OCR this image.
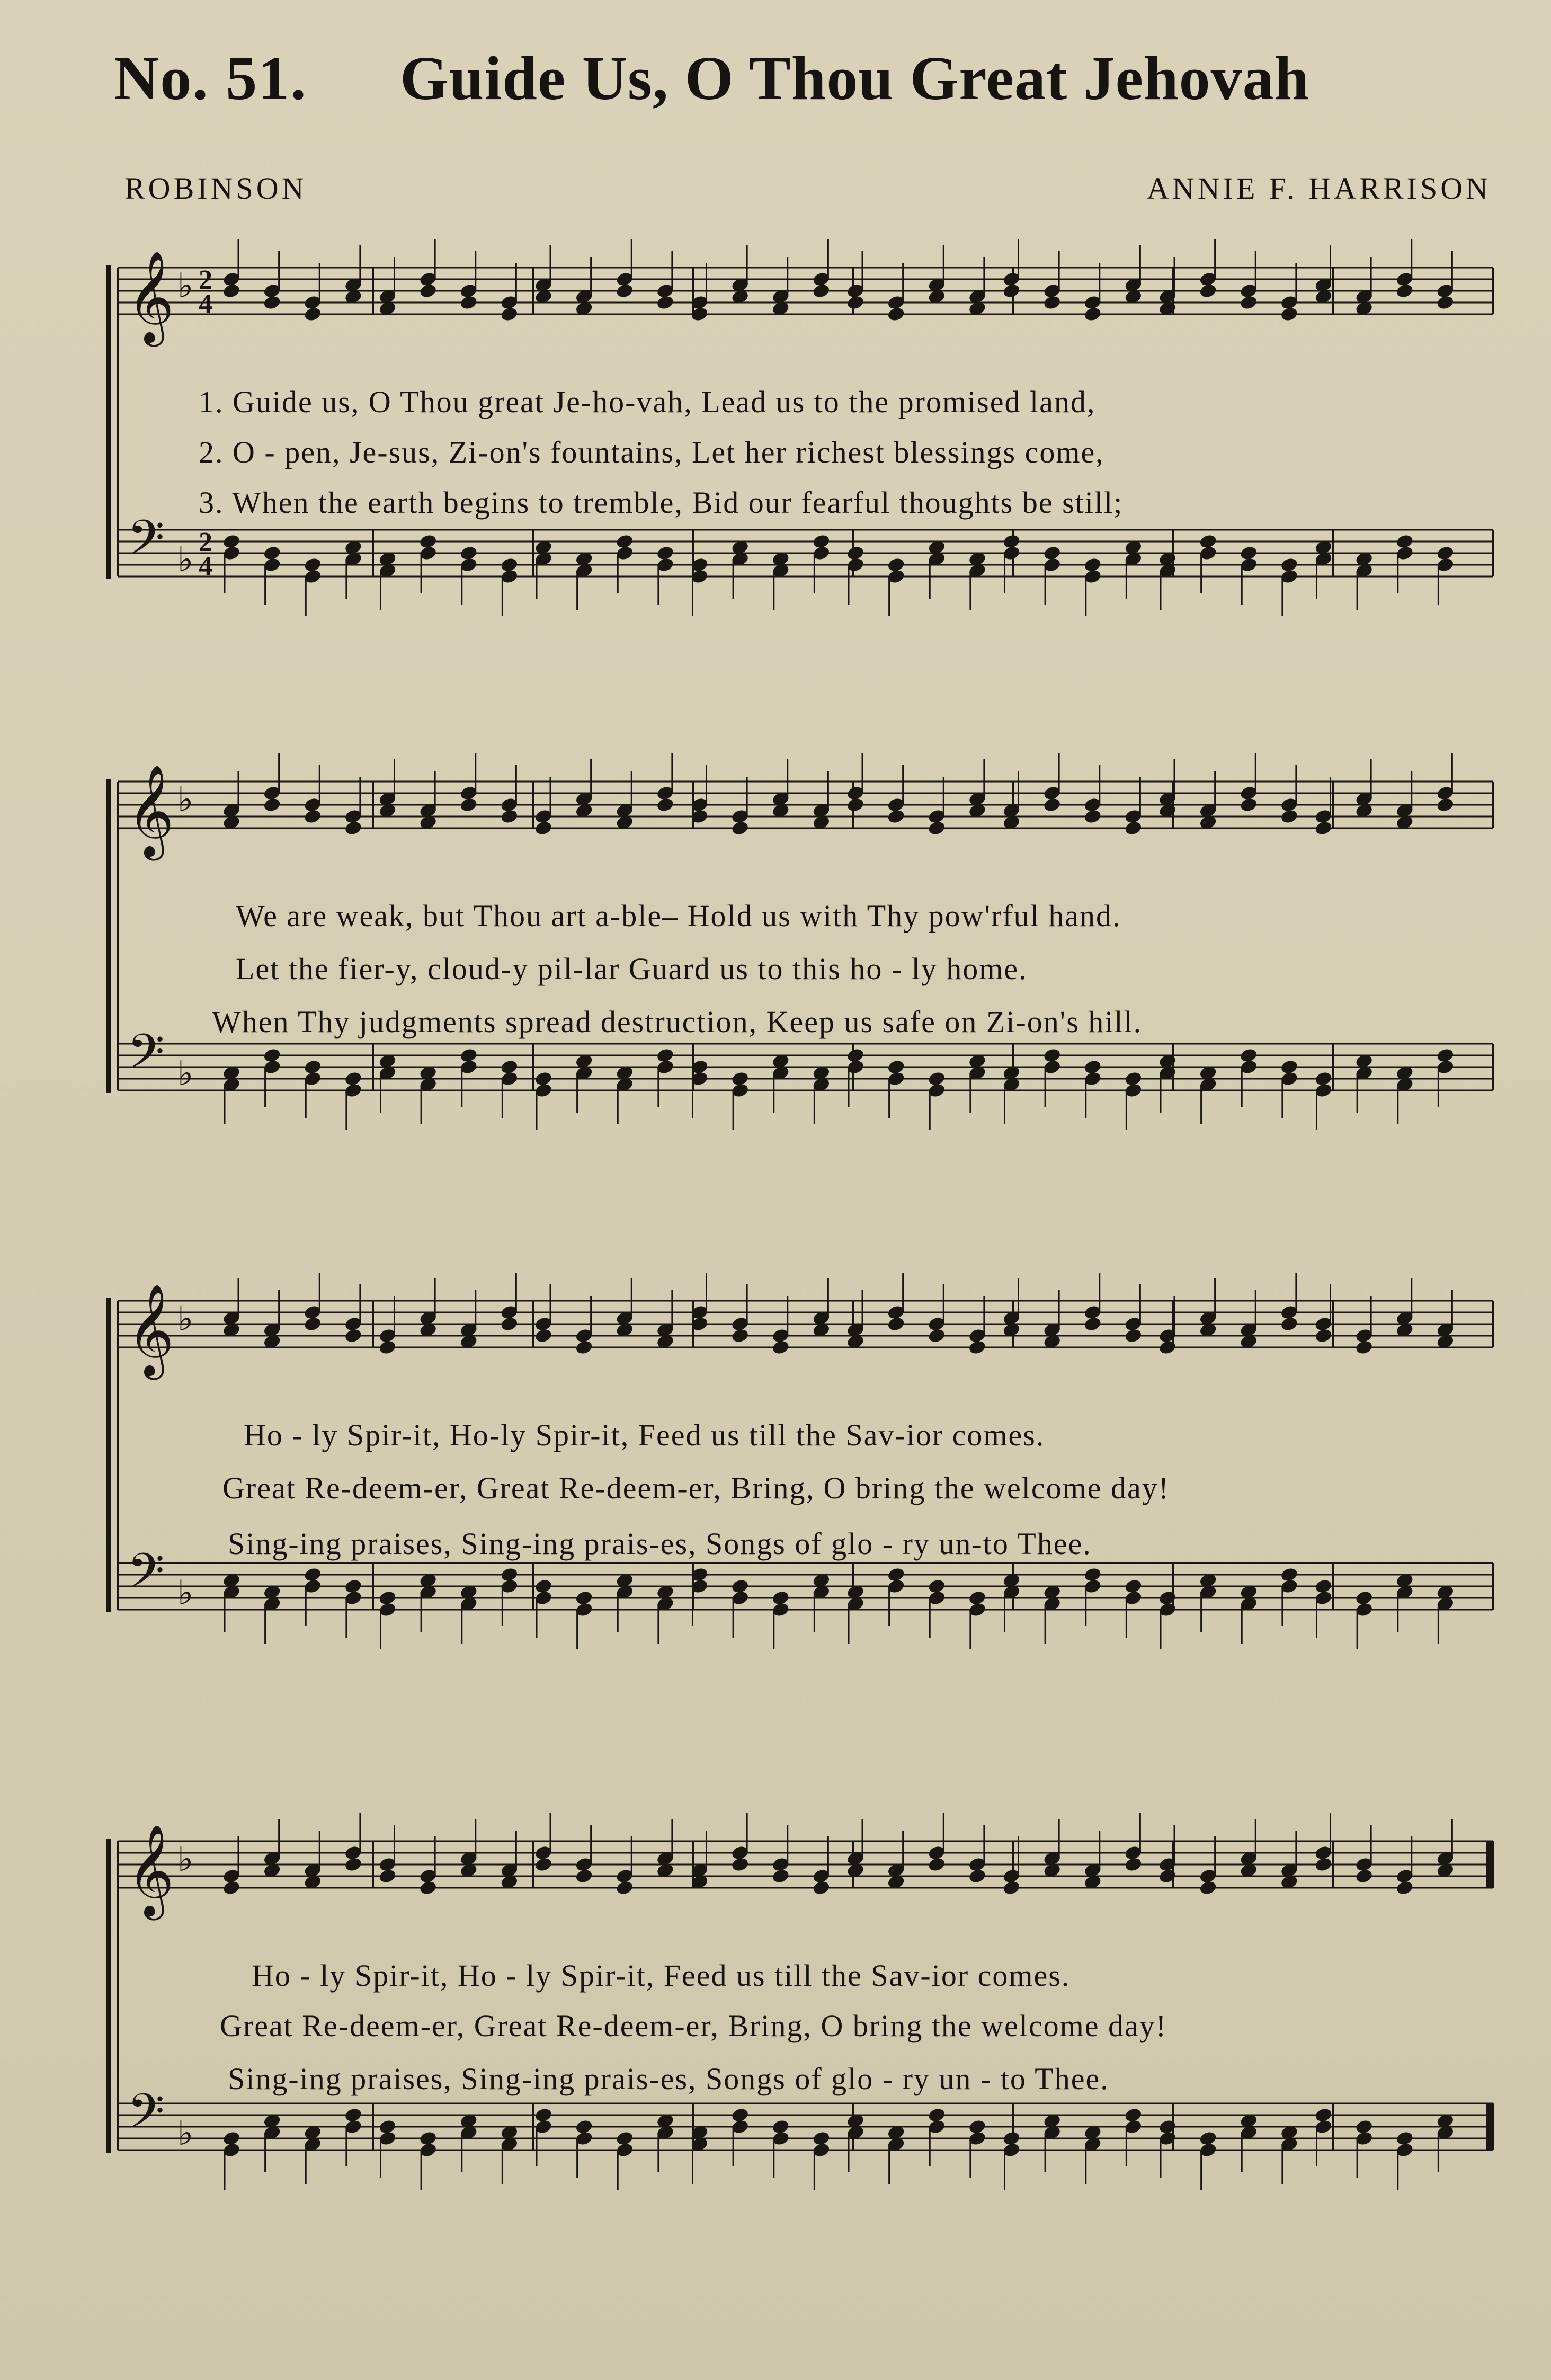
No. 51. Guide Us, O Thou Great Jehovah
ROBINSON	ANNIE F. HARRISON
𝄞 ♭
𝄢 ♭
2
2
4
4
1. Guide us, O Thou great Je-ho-vah, Lead us to the promised land,
2. O - pen, Je-sus, Zi-on's fountains, Let her richest blessings come,
3. When the earth begins to tremble, Bid our fearful thoughts be still;
𝄞 ♭
𝄢 ♭
We are weak, but Thou art a-ble– Hold us with Thy pow'rful hand.
Let the fier-y, cloud-y pil-lar Guard us to this ho - ly home.
When Thy judgments spread destruction, Keep us safe on Zi-on's hill.
𝄞 ♭
𝄢 ♭
Ho - ly Spir-it, Ho-ly Spir-it, Feed us till the Sav-ior comes.
Great Re-deem-er, Great Re-deem-er, Bring, O bring the welcome day!
Sing-ing praises, Sing-ing prais-es, Songs of glo - ry un-to Thee.
𝄞 ♭
𝄢 ♭
Ho - ly Spir-it, Ho - ly Spir-it, Feed us till the Sav-ior comes.
Great Re-deem-er, Great Re-deem-er, Bring, O bring the welcome day!
Sing-ing praises, Sing-ing prais-es, Songs of glo - ry un - to Thee.
